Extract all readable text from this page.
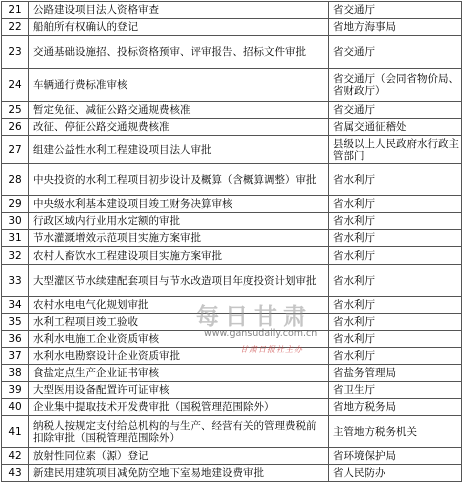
21	公路建设项目法人资格审查	省交通厅
22	船舶所有权确认的登记	省地方海事局
23	交通基础设施招、投标资格预审、评审报告、招标文件审批	省交通厅
24	车辆通行费标准审核	省交通厅（会同省物价局、省财政厅）
25	暂定免征、减征公路交通规费核准	省交通厅
26	改征、停征公路交通规费核准	省属交通征稽处
27	组建公益性水利工程建设项目法人审批	县级以上人民政府水行政主管部门
28	中央投资的水利工程项目初步设计及概算（含概算调整）审批	省水利厅
29	中央级水利基本建设项目竣工财务决算审核	省水利厅
30	行政区域内行业用水定额的审批	省水利厅
31	节水灌溉增效示范项目实施方案审批	省水利厅
32	农村人畜饮水工程建设项目实施方案审批	省水利厅
33	大型灌区节水续建配套项目与节水改造项目年度投资计划审批	省水利厅
34	农村水电电气化规划审批	省水利厅
35	水利工程项目竣工验收	省水利厅
36	水利水电施工企业资质审核	省水利厅
37	水利水电勘察设计企业资质审批	省水利厅
38	食盐定点生产企业证书审核	省盐务管理局
39	大型医用设备配置许可证审核	省卫生厅
40	企业集中提取技术开发费审批（国税管理范围除外）	省地方税务局
41	纳税人按规定支付给总机构的与生产、经营有关的管理费税前扣除审批（国税管理范围除外）	主管地方税务机关
42	放射性同位素（源）登记	省环境保护局
43	新建民用建筑项目减免防空地下室易地建设费审批	省人民防办
每日甘肃
www.gansudaily.com.cn
甘肃日报社主办
